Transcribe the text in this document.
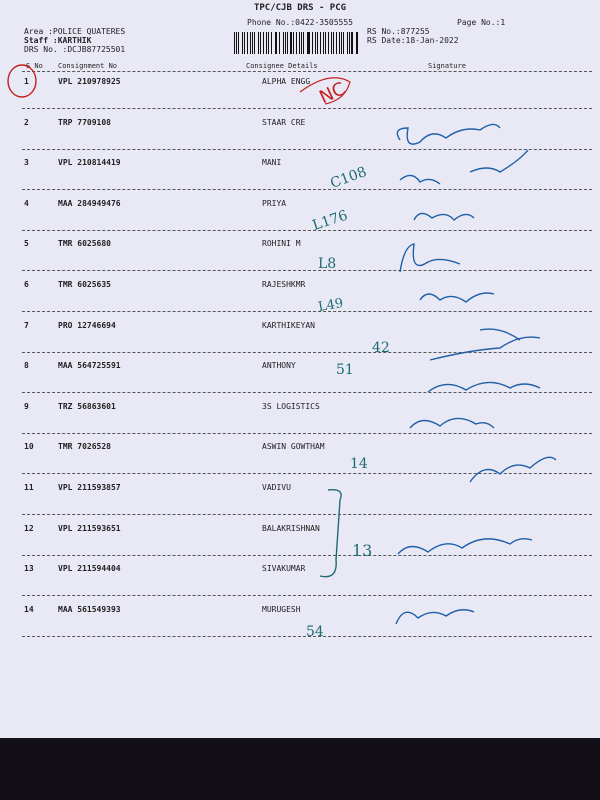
TPC/CJB DRS - PCG
Phone No.:0422-3505555	Page No.:1
Area :POLICE QUATERES
Staff :KARTHIK
DRS No. :DCJB87725501
RS No.:877255
RS Date:18-Jan-2022
S No Consignment No	Consignee Details	Signature
1	VPL 210978925	ALPHA ENGG
2	TRP 7709108	STAAR CRE
3	VPL 210814419	MANI
4	MAA 284949476	PRIYA
5	TMR 6025680	ROHINI M
6	TMR 6025635	RAJESHKMR
7	PRO 12746694	KARTHIKEYAN
8	MAA 564725591	ANTHONY
9	TRZ 56863601	3S LOGISTICS
10	TMR 7026528	ASWIN GOWTHAM
11	VPL 211593857	VADIVU
12	VPL 211593651	BALAKRISHNAN
13	VPL 211594404	SIVAKUMAR
14	MAA 561549393	MURUGESH
NC
C108
L176
L8
L49
51
42
14
13
54
